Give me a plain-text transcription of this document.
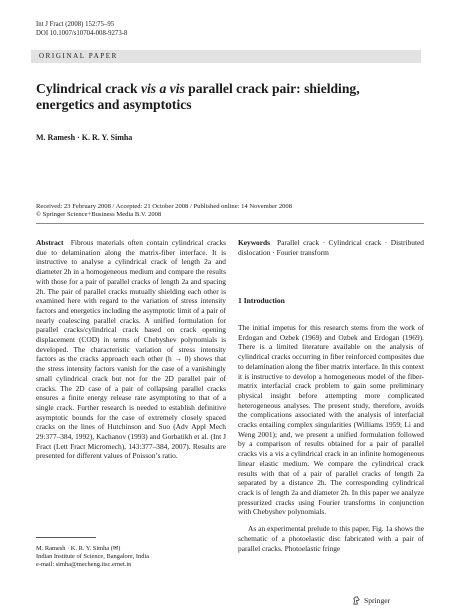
Int J Fract (2008) 152:75–95
DOI 10.1007/s10704-008-9273-8
ORIGINAL PAPER
Cylindrical crack vis a vis parallel crack pair: shielding,
energetics and asymptotics
M. Ramesh · K. R. Y. Simha
Received: 23 February 2008 / Accepted: 21 October 2008 / Published online: 14 November 2008
© Springer Science+Business Media B.V. 2008
Abstract Fibrous materials often contain cylindrical cracks due to delamination along the matrix-fiber interface. It is instructive to analyse a cylindrical crack of length 2a and diameter 2h in a homogeneous medium and compare the results with those for a pair of parallel cracks of length 2a and spacing 2h. The pair of parallel cracks mutually shielding each other is examined here with regard to the variation of stress intensity factors and energetics including the asymptotic limit of a pair of nearly coalescing parallel cracks. A unified formulation for parallel cracks/cylindrical crack based on crack opening displacement (COD) in terms of Chebyshev polynomials is developed. The characteristic variation of stress intensity factors as the cracks approach each other (h → 0) shows that the stress intensity factors vanish for the case of a vanishingly small cylindrical crack but not for the 2D parallel pair of cracks. The 2D case of a pair of collapsing parallel cracks ensures a finite energy release rate asymptoting to that of a single crack. Further research is needed to establish definitive asymptotic bounds for the case of extremely closely spaced cracks on the lines of Hutchinson and Suo (Adv Appl Mech 29:377–384, 1992), Kachanov (1993) and Gorbatikh et al. (Int J Fract (Lett Fract Micromech), 143:377–384, 2007). Results are presented for different values of Poisson’s ratio.
Keywords Parallel crack · Cylindrical crack · Distributed dislocation · Fourier transform
1 Introduction

The initial impetus for this research stems from the work of Erdogan and Ozbek (1969) and Ozbek and Erdogan (1969). There is a limited literature available on the analysis of cylindrical cracks occurring in fiber reinforced composites due to delamination along the fiber matrix interface. In this context it is instructive to develop a homogeneous model of the fiber-matrix interfacial crack problem to gain some preliminary physical insight before attempting more complicated heterogeneous analyses. The present study, therefore, avoids the complications associated with the analysis of interfacial cracks entailing complex singularities (Williams 1959; Li and Weng 2001); and, we present a unified formulation followed by a comparison of results obtained for a pair of parallel cracks vis a vis a cylindrical crack in an infinite homogeneous linear elastic medium. We compare the cylindrical crack results with that of a pair of parallel cracks of length 2a separated by a distance 2h. The corresponding cylindrical crack is of length 2a and diameter 2h. In this paper we analyze pressurized cracks using Fourier transforms in conjunction with Chebyshev polynomials.

As an experimental prelude to this paper, Fig. 1a shows the schematic of a photoelastic disc fabricated with a pair of parallel cracks. Photoelastic fringe

M. Ramesh · K. R. Y. Simha (✉)
Indian Institute of Science, Bangalore, India
e-mail: simha@mecheng.iisc.ernet.in
Springer
